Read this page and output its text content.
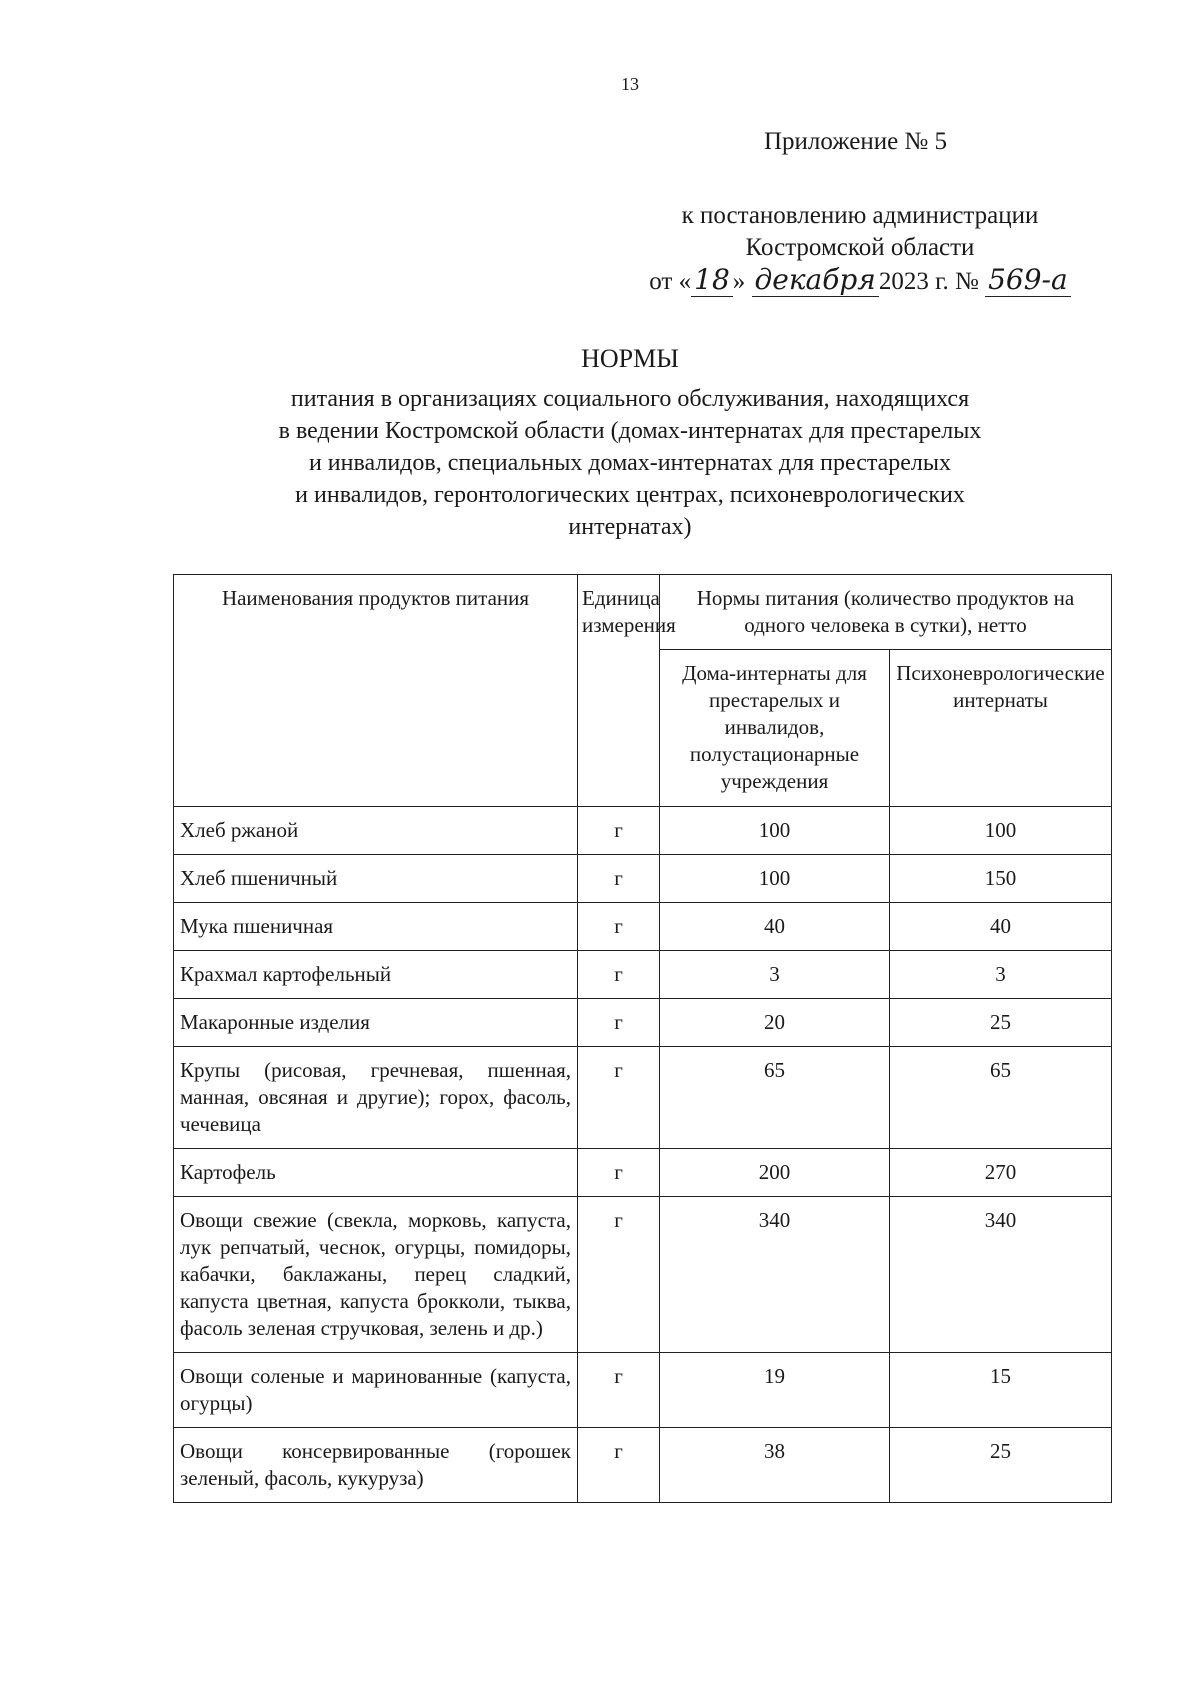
13
Приложение № 5
к постановлению администрации
Костромской области
от « 18 » декабря 2023 г. № 569-а
НОРМЫ
питания в организациях социального обслуживания, находящихся
в ведении Костромской области (домах-интернатах для престарелых
и инвалидов, специальных домах-интернатах для престарелых
и инвалидов, геронтологических центрах, психоневрологических
интернатах)
Наименования продуктов питания	Единица измерения	Нормы питания (количество продуктов на одного человека в сутки), нетто	
		Дома-интернаты для престарелых и инвалидов, полустационарные учреждения	Психоневрологические интернаты
Хлеб ржаной	г	100	100
Хлеб пшеничный	г	100	150
Мука пшеничная	г	40	40
Крахмал картофельный	г	3	3
Макаронные изделия	г	20	25
Крупы (рисовая, гречневая, пшенная, манная, овсяная и другие); горох, фасоль, чечевица	г	65	65
Картофель	г	200	270
Овощи свежие (свекла, морковь, капуста, лук репчатый, чеснок, огурцы, помидоры, кабачки, баклажаны, перец сладкий, капуста цветная, капуста брокколи, тыква, фасоль зеленая стручковая, зелень и др.)	г	340	340
Овощи соленые и маринованные (капуста, огурцы)	г	19	15
Овощи консервированные (горошек зеленый, фасоль, кукуруза)	г	38	25
